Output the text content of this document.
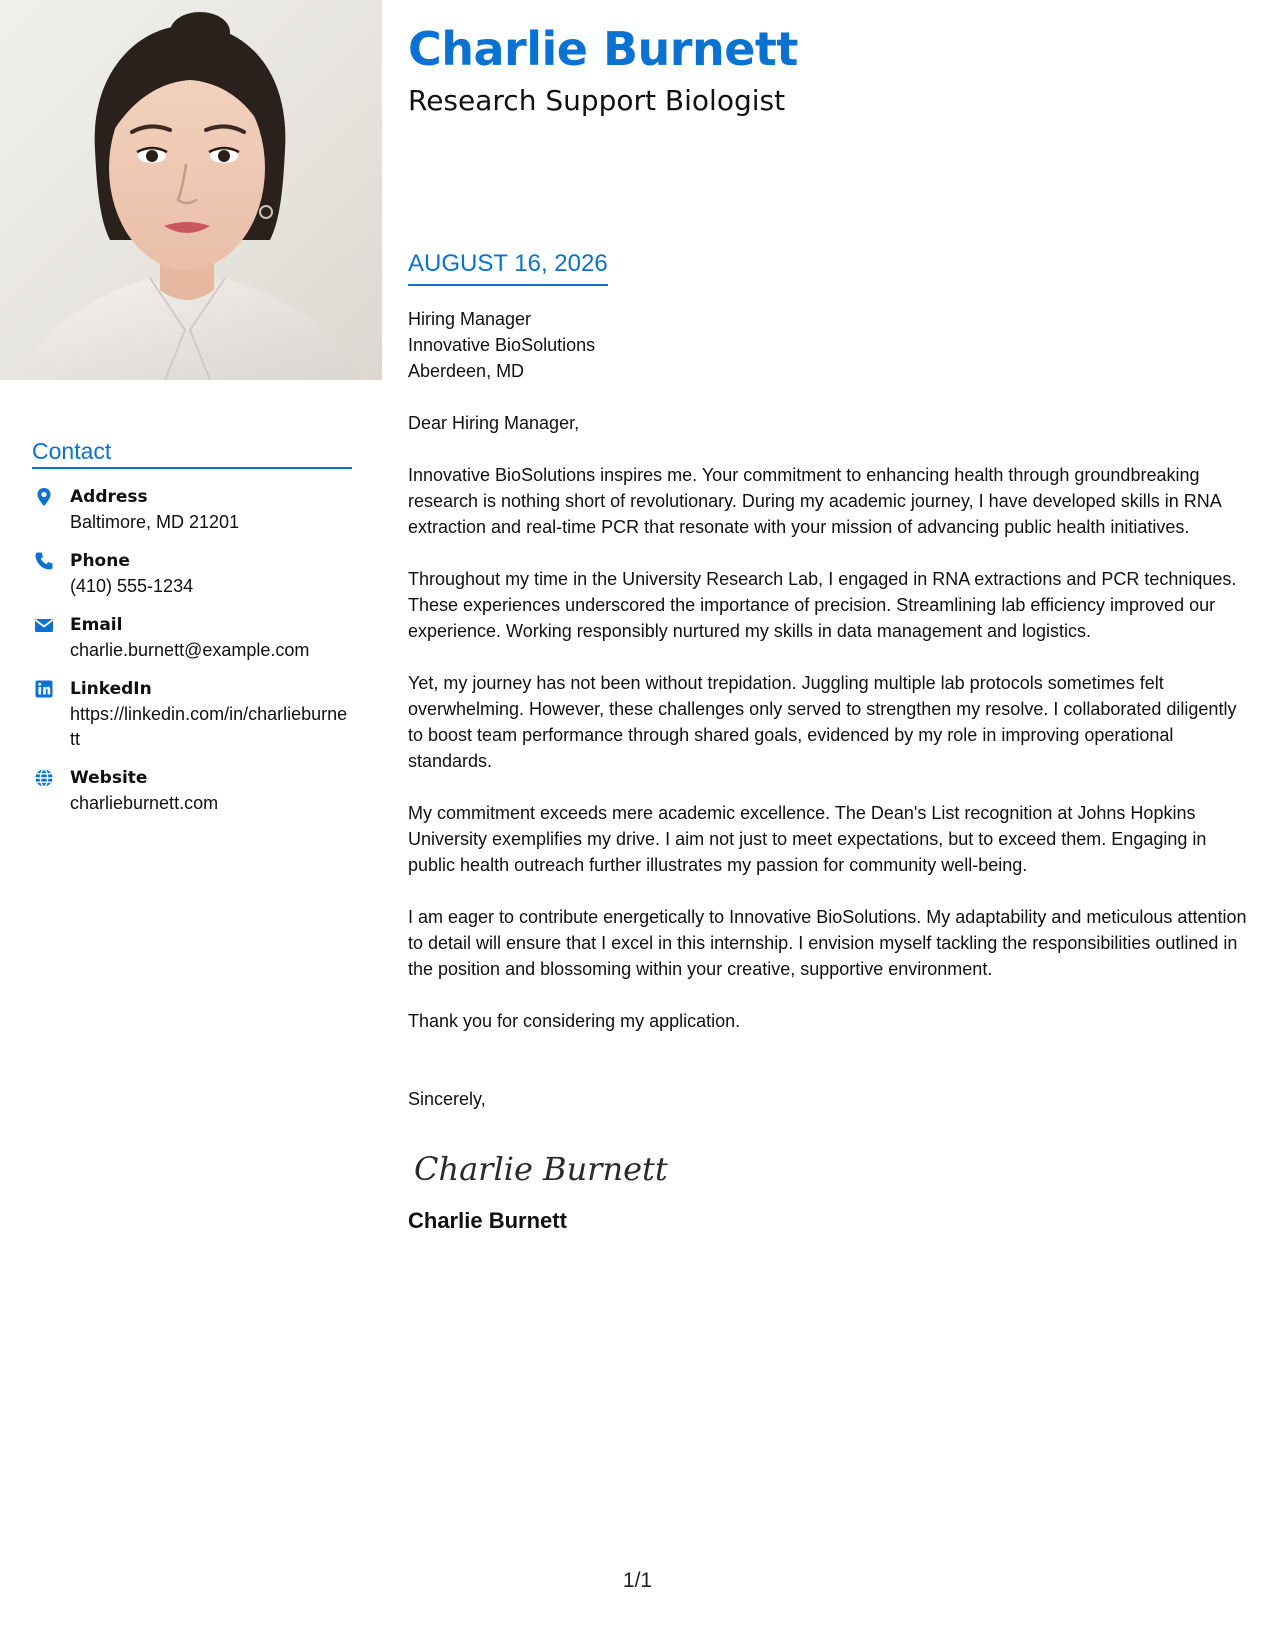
Charlie Burnett
Research Support Biologist
AUGUST 16, 2026
Contact
Address
Baltimore, MD 21201
Phone
(410) 555-1234
Email
charlie.burnett@example.com
LinkedIn
https://linkedin.com/in/charlieburnett
Website
charlieburnett.com

Hiring Manager

Innovative BioSolutions

Aberdeen, MD

Dear Hiring Manager,

Innovative BioSolutions inspires me. Your commitment to enhancing health through groundbreaking research is nothing short of revolutionary. During my academic journey, I have developed skills in RNA extraction and real-time PCR that resonate with your mission of advancing public health initiatives.

Throughout my time in the University Research Lab, I engaged in RNA extractions and PCR techniques. These experiences underscored the importance of precision. Streamlining lab efficiency improved our experience. Working responsibly nurtured my skills in data management and logistics.

Yet, my journey has not been without trepidation. Juggling multiple lab protocols sometimes felt overwhelming. However, these challenges only served to strengthen my resolve. I collaborated diligently to boost team performance through shared goals, evidenced by my role in improving operational standards.

My commitment exceeds mere academic excellence. The Dean's List recognition at Johns Hopkins University exemplifies my drive. I aim not just to meet expectations, but to exceed them. Engaging in public health outreach further illustrates my passion for community well-being.

I am eager to contribute energetically to Innovative BioSolutions. My adaptability and meticulous attention to detail will ensure that I excel in this internship. I envision myself tackling the responsibilities outlined in the position and blossoming within your creative, supportive environment.

Thank you for considering my application.

Sincerely,

Charlie Burnett

Charlie Burnett

1/1
